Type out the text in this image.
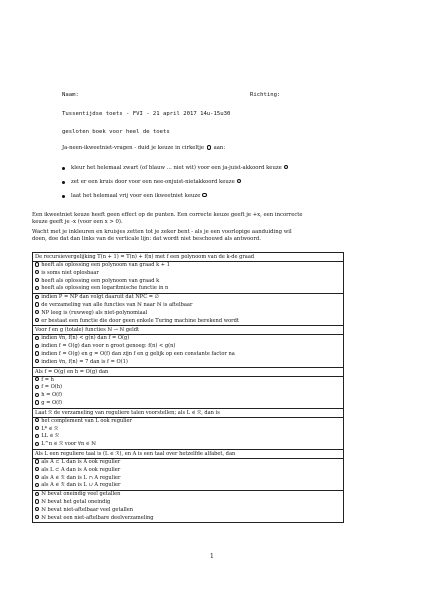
Naam:	Richting:
Tussentijdse toets - FVI - 21 april 2017 14u-15u30
gesloten boek voor heel de toets
Ja-neen-ikweetniet-vragen - duid je keuze in cirkeltje aan:
kleur het helemaal zwart (of blauw ... niet wit) voor een ja-juist-akkoord keuze
zet er een kruis door voor een nee-onjuist-nietakkoord keuze
laat het helemaal vrij voor een ikweetniet keuze
Een ikweetniet keuze heeft geen effect op de punten. Een correcte keuze geeft je +x, een incorrecte
keuze geeft je -x (voor een x > 0).
Wacht met je inkleuren en kruisjes zetten tot je zeker bent - als je een voorlopige aanduiding wil
doen, doe dat dan links van de verticale lijn: dat wordt niet beschouwd als antwoord.
De recursievergelijking T(n + 1) = T(n) + f(n) met f een polynoom van de k-de graad
heeft als oplossing een polynoom van graad k + 1
is soms niet oplosbaar
heeft als oplossing een polynoom van graad k
heeft als oplossing een logaritmische functie in n
indien P = NP dan volgt daaruit dat NPC = ∅
de verzameling van alle functies van ℕ naar ℕ is aftelbaar
NP leeg is (ruwweg) als niet-polynomiaal
er bestaat een functie die door geen enkele Turing machine berekend wordt
Voor f en g (totale) functies ℕ → ℕ geldt
indien ∀n, f(n) < g(n) dan f = O(g)
indien f = O(g) dan voor n groot genoeg: f(n) < g(n)
indien f = O(g) en g = O(f) dan zijn f en g gelijk op een constante factor na
indien ∀n, f(n) = 7 dan is f = O(1)
Als f = O(g) en h = O(g) dan
f = h
f = O(h)
h = O(f)
g = O(f)
Laat ℛ de verzameling van reguliere talen voorstellen; als L ∈ ℛ, dan is
het complement van L ook regulier
L* ∈ ℛ
LL ∈ ℛ
L^n ∈ ℛ voor ∀n ∈ ℕ
Als L een reguliere taal is (L ∈ ℛ), en A is een taal over hetzelfde alfabet, dan
als A ⊂ L dan is A ook regulier
als L ⊂ A dan is A ook regulier
als A ∈ ℛ dan is L ∩ A regulier
als A ∈ ℛ dan is L ∪ A regulier
ℕ bevat oneindig veel getallen
ℕ bevat het getal oneindig
ℕ bevat niet-aftelbaar veel getallen
ℕ bevat een niet-aftelbare deelverzameling
1
